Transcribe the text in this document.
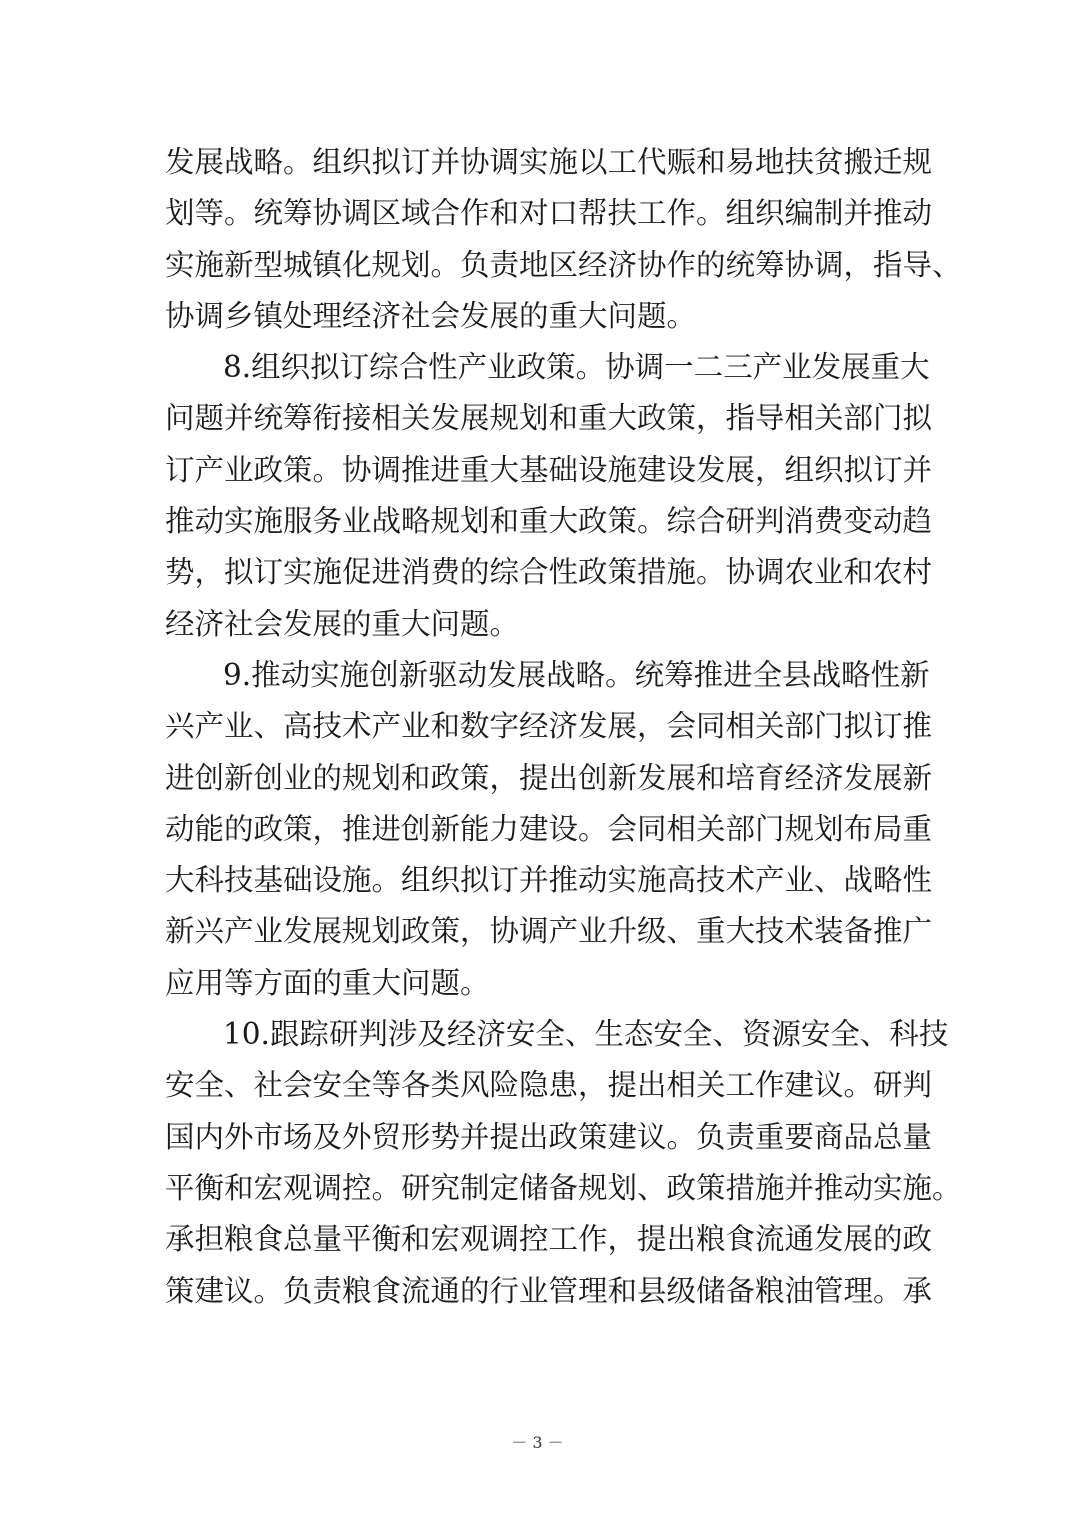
发展战略。组织拟订并协调实施以工代赈和易地扶贫搬迁规
划等。统筹协调区域合作和对口帮扶工作。组织编制并推动
实施新型城镇化规划。负责地区经济协作的统筹协调，指导、
协调乡镇处理经济社会发展的重大问题。
8.组织拟订综合性产业政策。协调一二三产业发展重大
问题并统筹衔接相关发展规划和重大政策，指导相关部门拟
订产业政策。协调推进重大基础设施建设发展，组织拟订并
推动实施服务业战略规划和重大政策。综合研判消费变动趋
势，拟订实施促进消费的综合性政策措施。协调农业和农村
经济社会发展的重大问题。
9.推动实施创新驱动发展战略。统筹推进全县战略性新
兴产业、高技术产业和数字经济发展，会同相关部门拟订推
进创新创业的规划和政策，提出创新发展和培育经济发展新
动能的政策，推进创新能力建设。会同相关部门规划布局重
大科技基础设施。组织拟订并推动实施高技术产业、战略性
新兴产业发展规划政策，协调产业升级、重大技术装备推广
应用等方面的重大问题。
10.跟踪研判涉及经济安全、生态安全、资源安全、科技
安全、社会安全等各类风险隐患，提出相关工作建议。研判
国内外市场及外贸形势并提出政策建议。负责重要商品总量
平衡和宏观调控。研究制定储备规划、政策措施并推动实施。
承担粮食总量平衡和宏观调控工作，提出粮食流通发展的政
策建议。负责粮食流通的行业管理和县级储备粮油管理。承
－ 3 －
